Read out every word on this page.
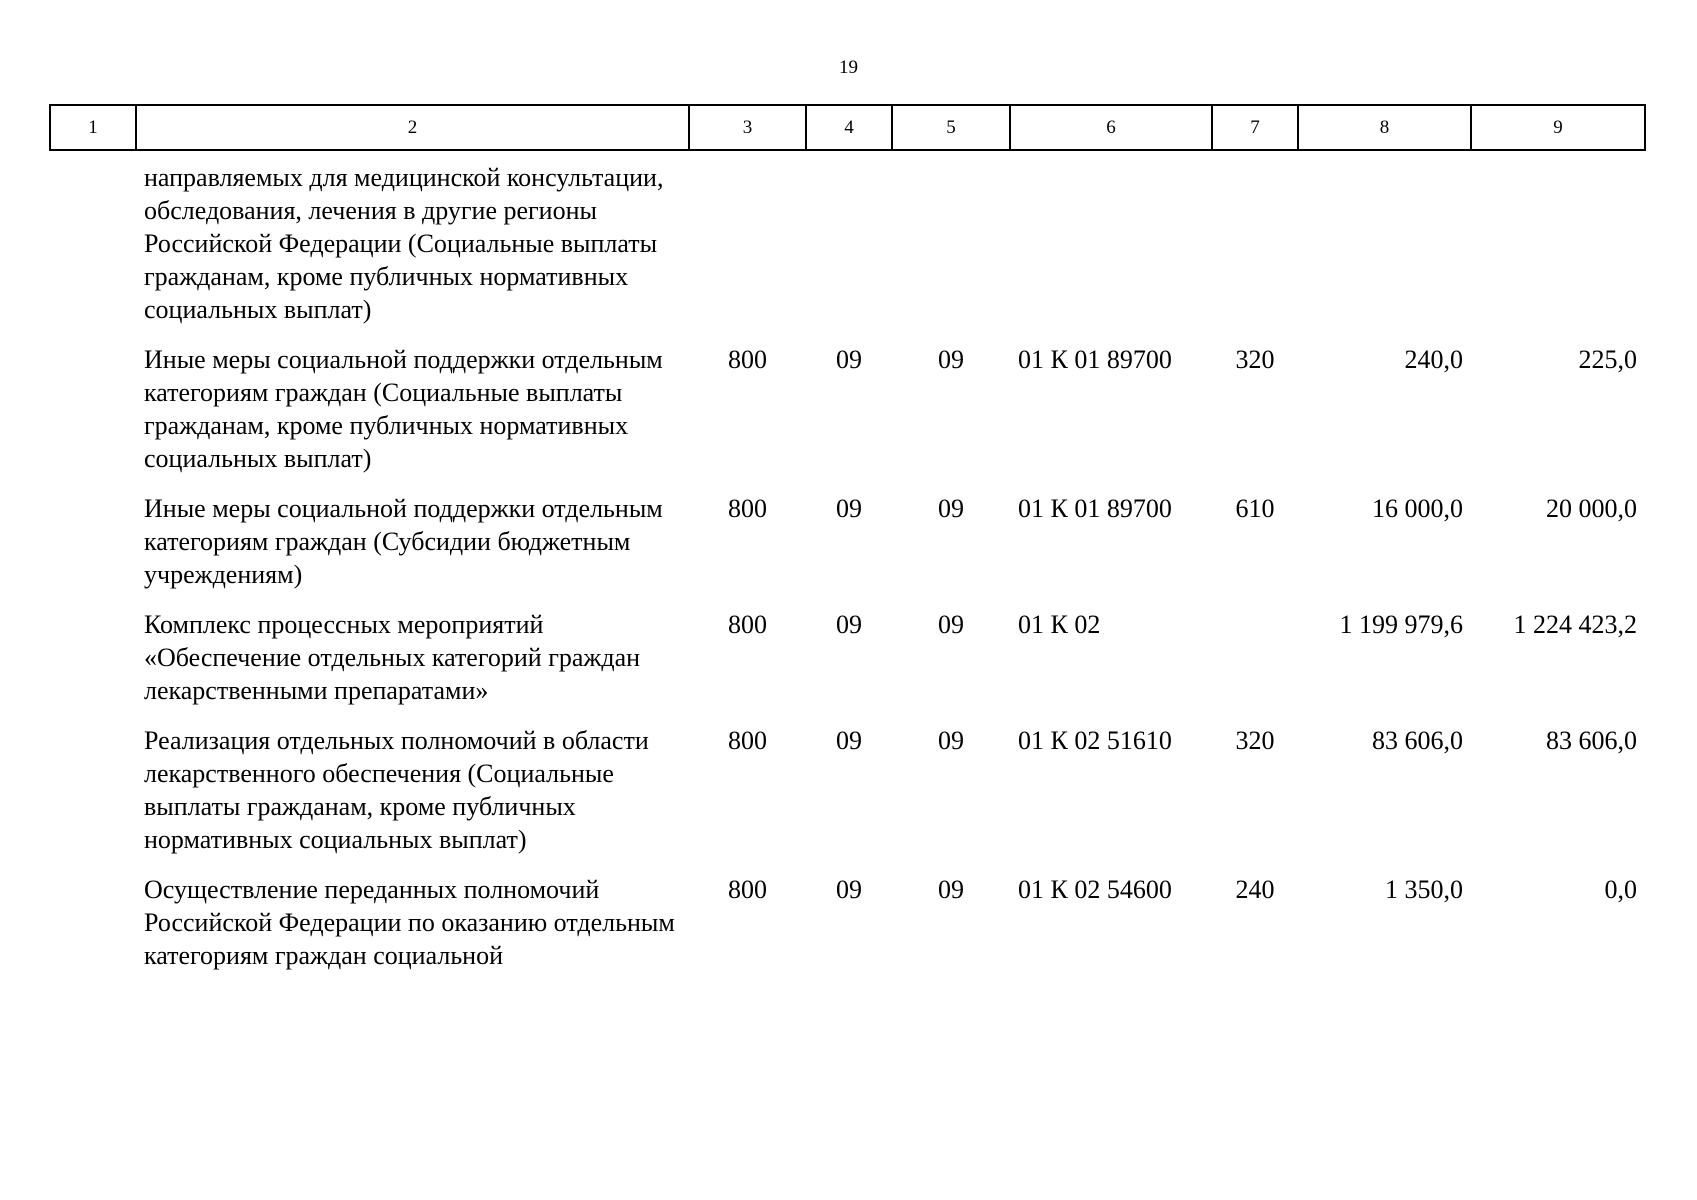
19
1	2	3	4	5	6	7	8	9
	направляемых для медицинской консультации, обследования, лечения в другие регионы Российской Федерации (Социальные выплаты гражданам, кроме публичных нормативных социальных выплат)							
	Иные меры социальной поддержки отдельным категориям граждан (Социальные выплаты гражданам, кроме публичных нормативных социальных выплат)	800	09	09	01 К 01 89700	320	240,0	225,0
	Иные меры социальной поддержки отдельным категориям граждан (Субсидии бюджетным учреждениям)	800	09	09	01 К 01 89700	610	16 000,0	20 000,0
	Комплекс процессных мероприятий «Обеспечение отдельных категорий граждан лекарственными препаратами»	800	09	09	01 К 02		1 199 979,6	1 224 423,2
	Реализация отдельных полномочий в области лекарственного обеспечения (Социальные выплаты гражданам, кроме публичных нормативных социальных выплат)	800	09	09	01 К 02 51610	320	83 606,0	83 606,0
	Осуществление переданных полномочий Российской Федерации по оказанию отдельным категориям граждан социальной	800	09	09	01 К 02 54600	240	1 350,0	0,0
